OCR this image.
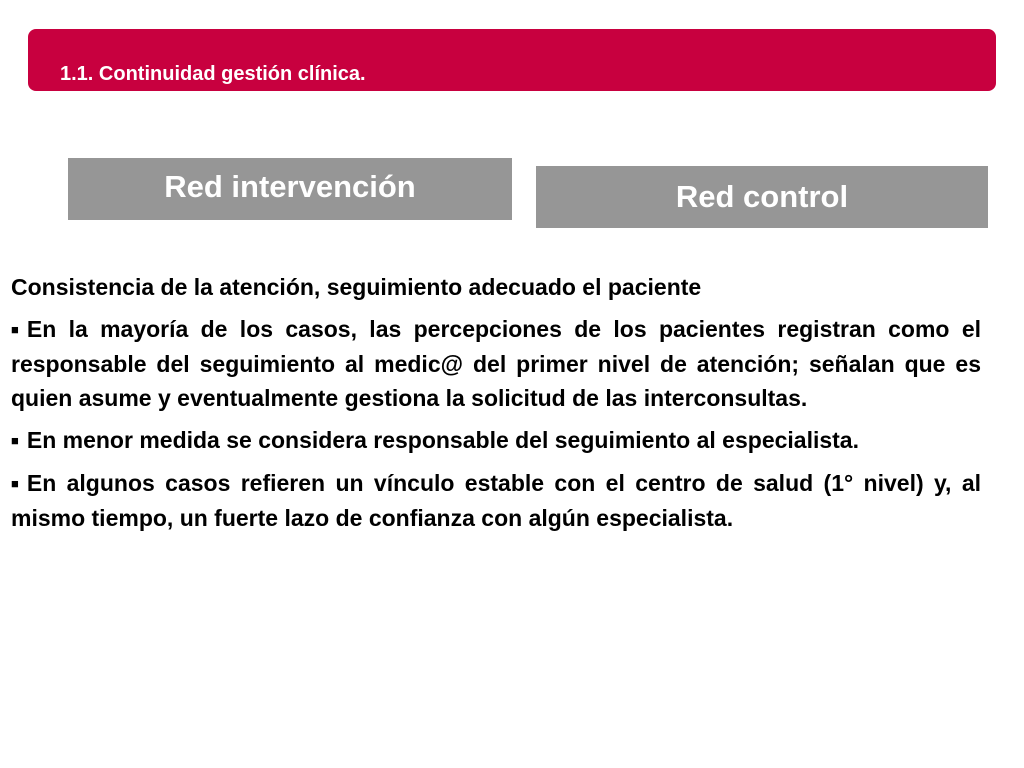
1.1. Continuidad gestión clínica.
Red intervención	Red control

Consistencia de la atención, seguimiento adecuado el paciente

■ En la mayoría de los casos, las percepciones de los pacientes registran como el responsable del seguimiento al medic@ del primer nivel de atención; señalan que es quien asume y eventualmente gestiona la solicitud de las interconsultas.

■ En menor medida se considera responsable del seguimiento al especialista.

■ En algunos casos refieren un vínculo estable con el centro de salud (1° nivel) y, al mismo tiempo, un fuerte lazo de confianza con algún especialista.
